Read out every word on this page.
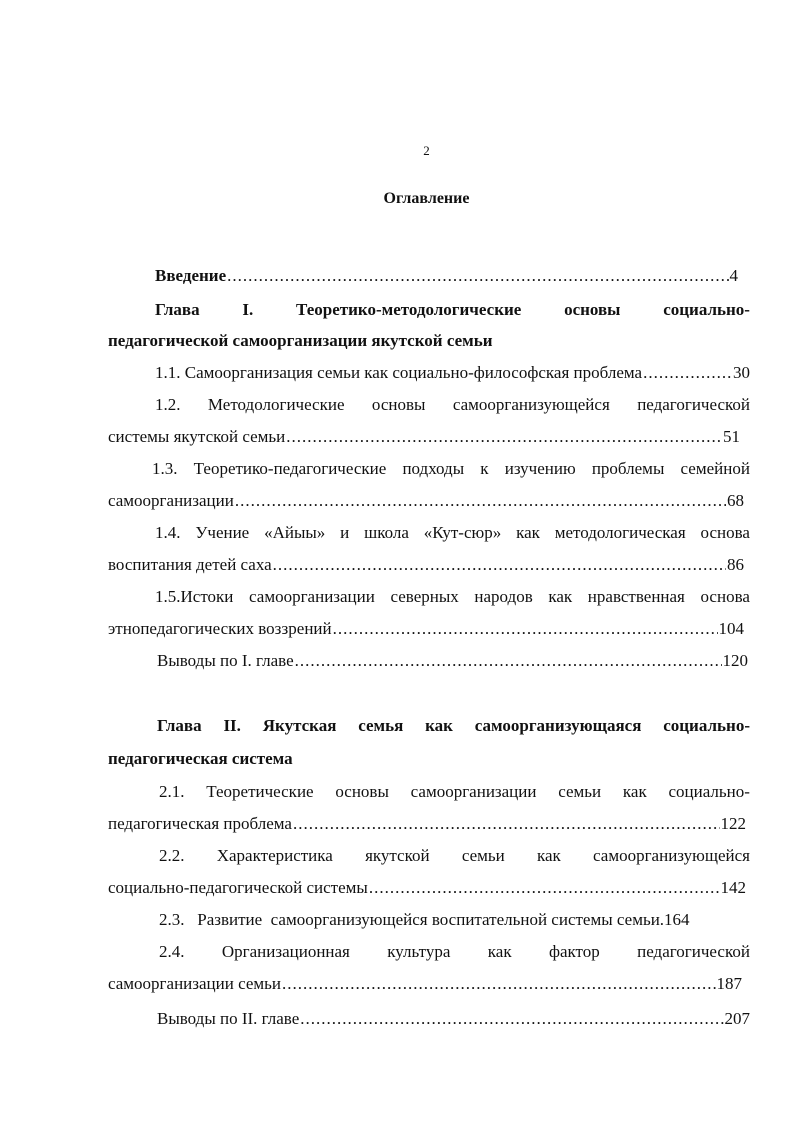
2
Оглавление
Введение .....	4
Глава	I.	Теоретико-методологические	основы	социально-
педагогической самоорганизации якутской семьи
1.1. Самоорганизация семьи как социально-философская проблема .....	30
1.2. Методологические основы самоорганизующейся педагогической
системы якутской семьи .....	51
1.3. Теоретико-педагогические подходы к изучению проблемы семейной
самоорганизации .....	68
1.4. Учение «Айыы» и школа «Кут-сюр» как методологическая основа
воспитания детей саха .....	86
1.5.Истоки самоорганизации северных народов как нравственная основа
этнопедагогических воззрений .....	104
Выводы по I. главе .....	120
Глава II. Якутская семья как самоорганизующаяся социально-
педагогическая система
2.1. Теоретические основы самоорганизации семьи как социально-
педагогическая проблема .....	122
2.2. Характеристика якутской семьи как самоорганизующейся
социально-педагогической системы .....	142
2.3.   Развитие  самоорганизующейся воспитательной системы семьи.164
2.4. Организационная культура как фактор педагогической
самоорганизации семьи .....	187
Выводы по II. главе .....	207
